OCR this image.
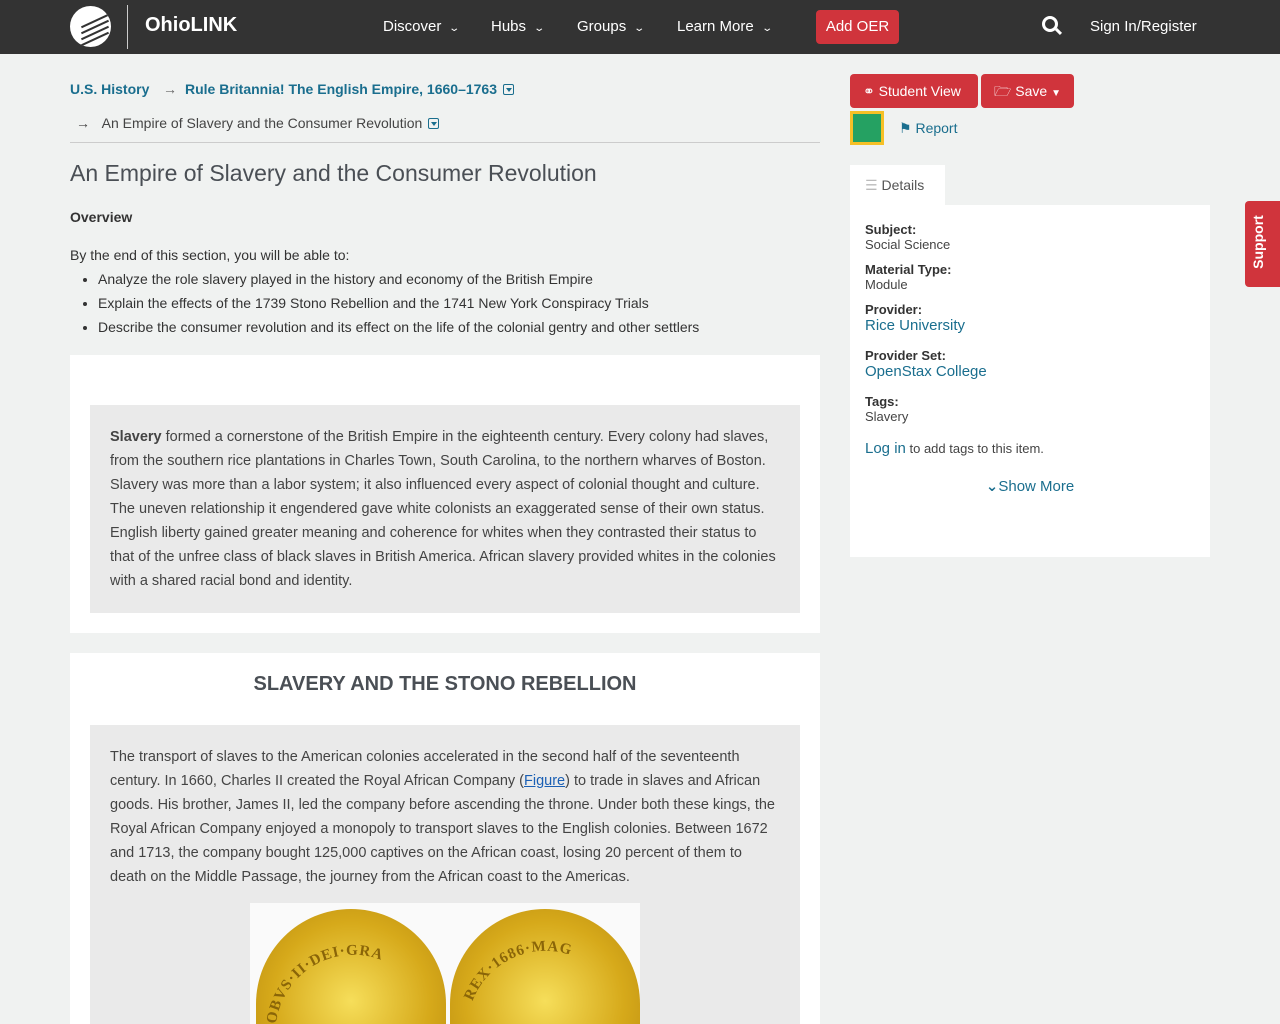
OhioLINK	Discover ⌄ Hubs ⌄ Groups ⌄ Learn More ⌄	Add OER	Sign In/Register
U.S. History → Rule Britannia! The English Empire, 1660–1763
→ An Empire of Slavery and the Consumer Revolution
An Empire of Slavery and the Consumer Revolution
Overview
By the end of this section, you will be able to:
• Analyze the role slavery played in the history and economy of the British Empire
• Explain the effects of the 1739 Stono Rebellion and the 1741 New York Conspiracy Trials
• Describe the consumer revolution and its effect on the life of the colonial gentry and other settlers
Slavery formed a cornerstone of the British Empire in the eighteenth century. Every colony had slaves, from the southern rice plantations in Charles Town, South Carolina, to the northern wharves of Boston. Slavery was more than a labor system; it also influenced every aspect of colonial thought and culture. The uneven relationship it engendered gave white colonists an exaggerated sense of their own status. English liberty gained greater meaning and coherence for whites when they contrasted their status to that of the unfree class of black slaves in British America. African slavery provided whites in the colonies with a shared racial bond and identity.
SLAVERY AND THE STONO REBELLION
The transport of slaves to the American colonies accelerated in the second half of the seventeenth century. In 1660, Charles II created the Royal African Company (Figure) to trade in slaves and African goods. His brother, James II, led the company before ascending the throne. Under both these kings, the Royal African Company enjoyed a monopoly to transport slaves to the English colonies. Between 1672 and 1713, the company bought 125,000 captives on the African coast, losing 20 percent of them to death on the Middle Passage, the journey from the African coast to the Americas.
OBVS·II·DEI·GRA
REX·1686·MAG
⚭ Student View	🗁 Save ▼
⚑ Report
☰ Details
Subject:
Social Science
Material Type:
Module
Provider:
Rice University
Provider Set:
OpenStax College
Tags:
Slavery
Log in to add tags to this item.
⌄Show More
Support
